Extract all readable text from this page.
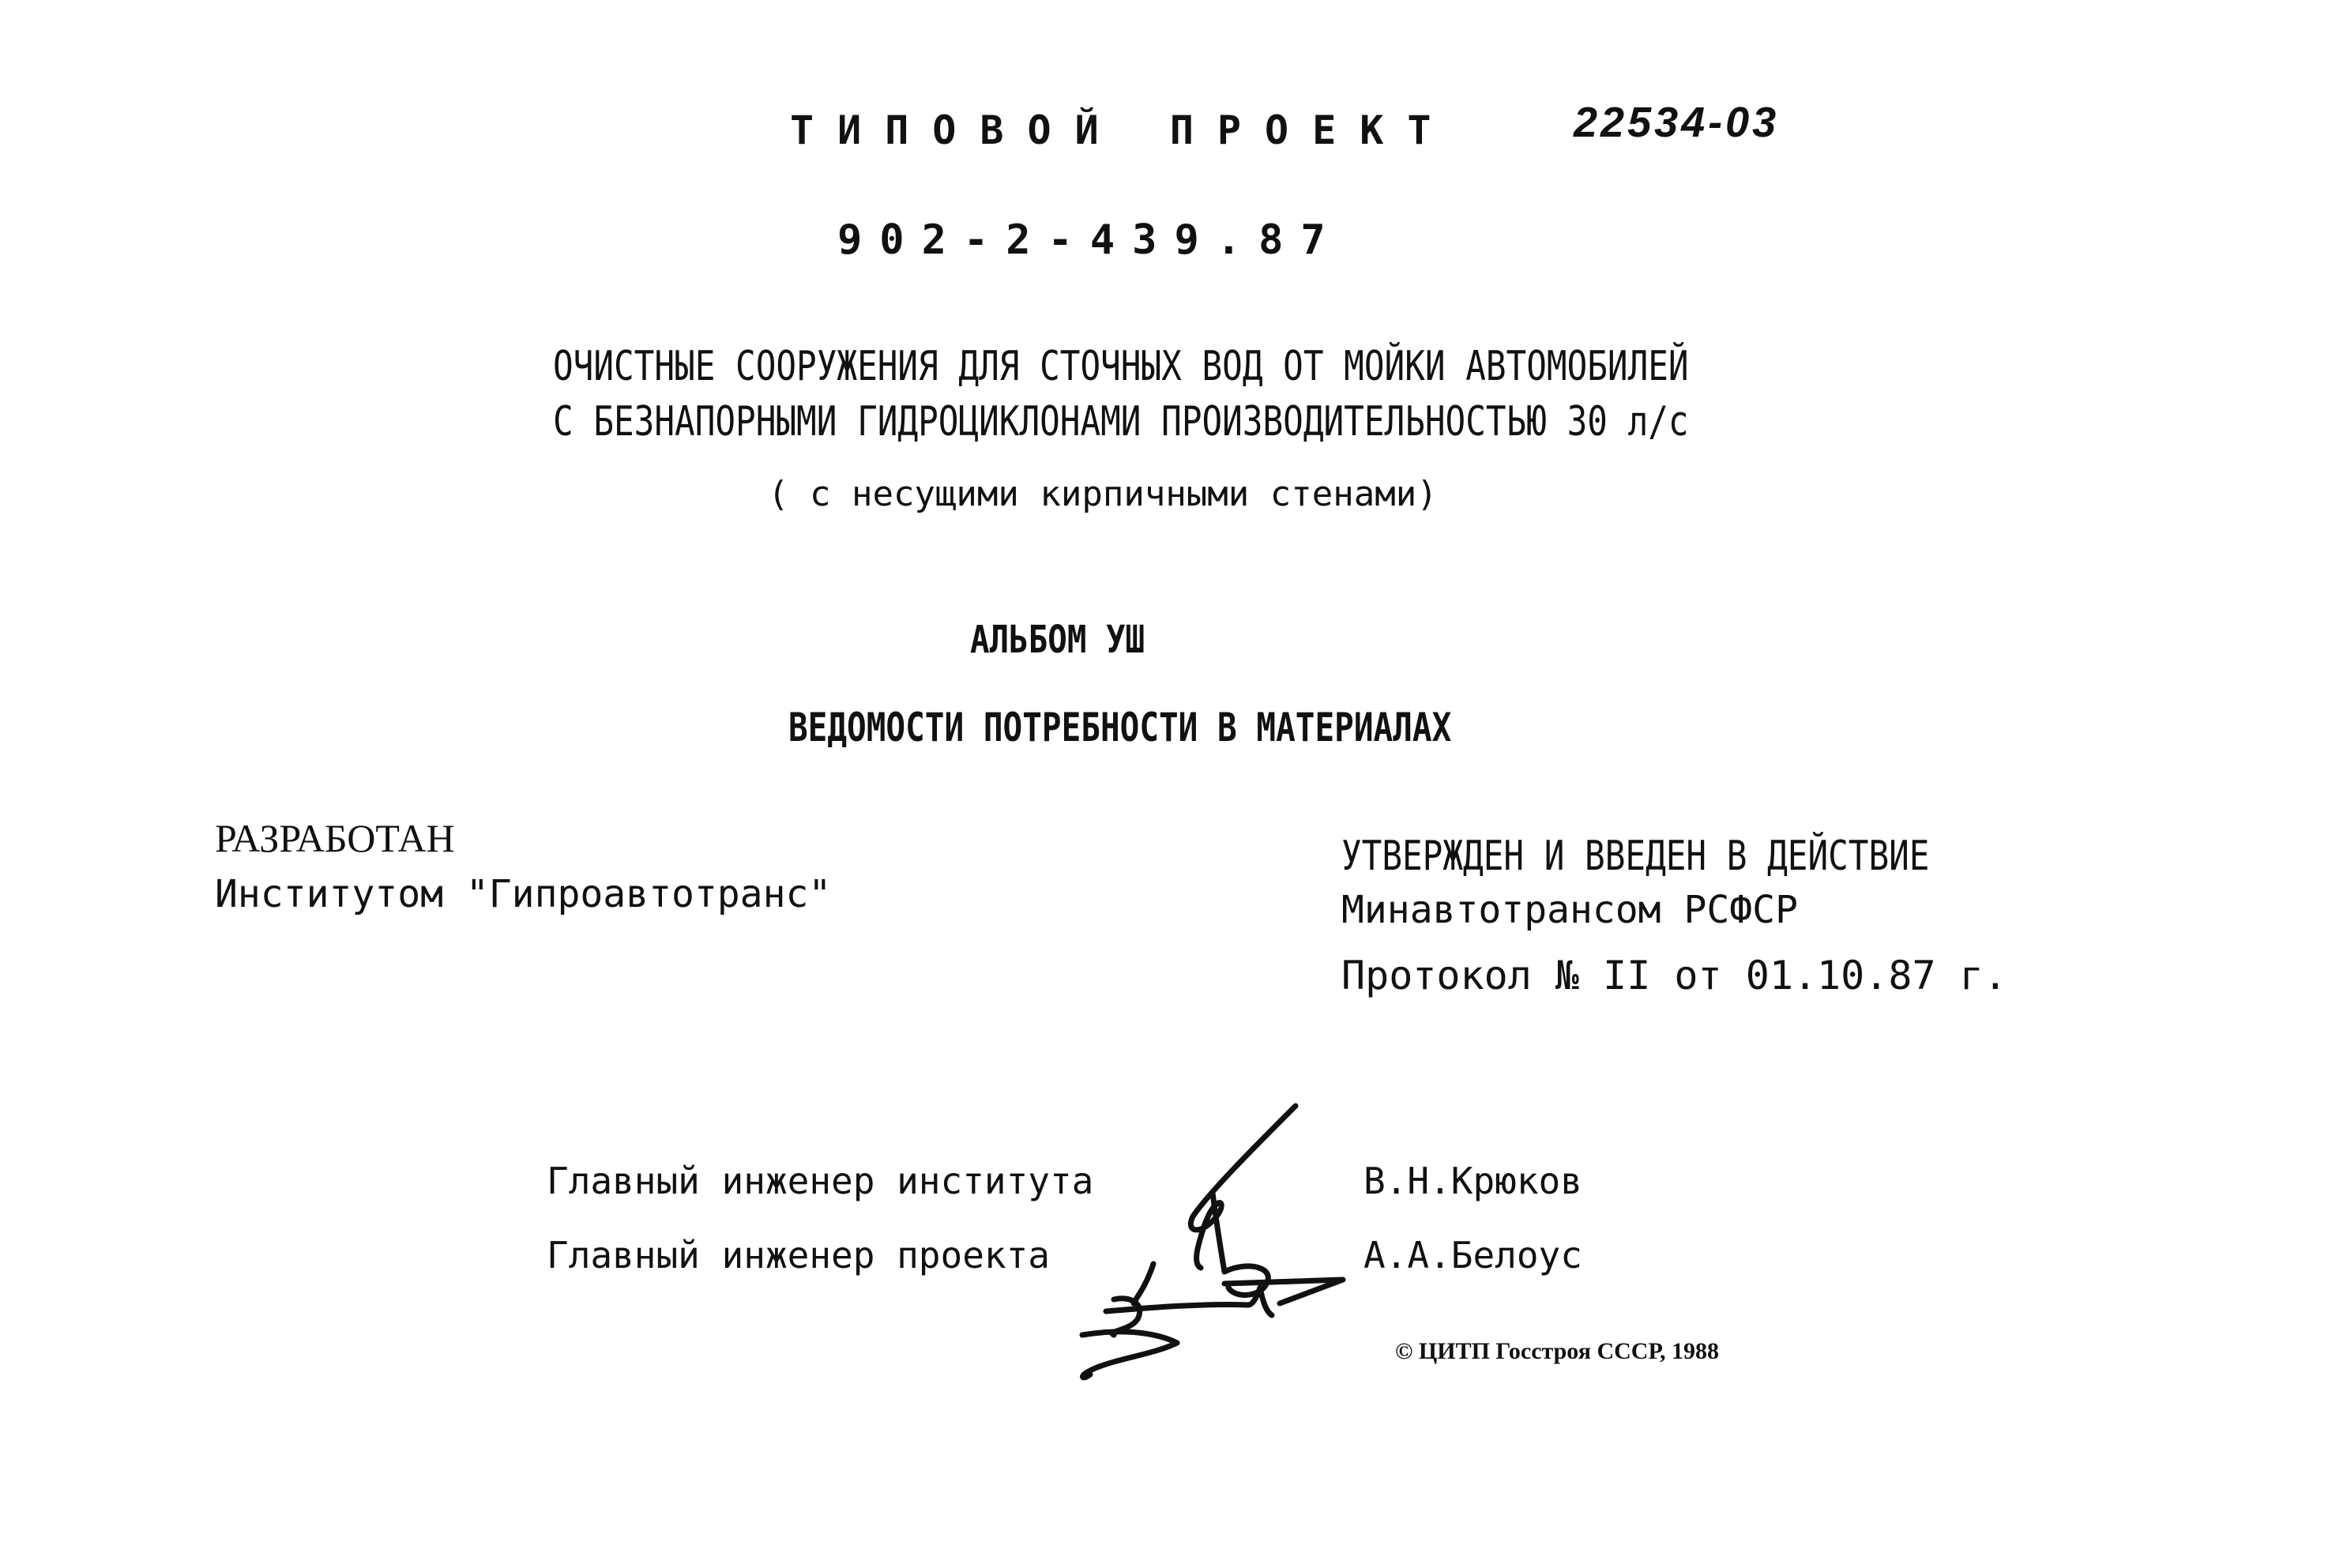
ТИПОВОЙ ПРОЕКТ	22534-03
902-2-439.87
ОЧИСТНЫЕ СООРУЖЕНИЯ ДЛЯ СТОЧНЫХ ВОД ОТ МОЙКИ АВТОМОБИЛЕЙ
С БЕЗНАПОРНЫМИ ГИДРОЦИКЛОНАМИ ПРОИЗВОДИТЕЛЬНОСТЬЮ 30 л/с
( с несущими кирпичными стенами)
АЛЬБОМ УШ
ВЕДОМОСТИ ПОТРЕБНОСТИ В МАТЕРИАЛАХ
РАЗРАБОТАН
Институтом "Гипроавтотранс"
УТВЕРЖДЕН И ВВЕДЕН В ДЕЙСТВИЕ
Минавтотрансом РСФСР
Протокол № II от 01.10.87 г.
Главный инженер института	В.Н.Крюков
Главный инженер проекта	А.А.Белоус
© ЦИТП Госстроя СССР, 1988
